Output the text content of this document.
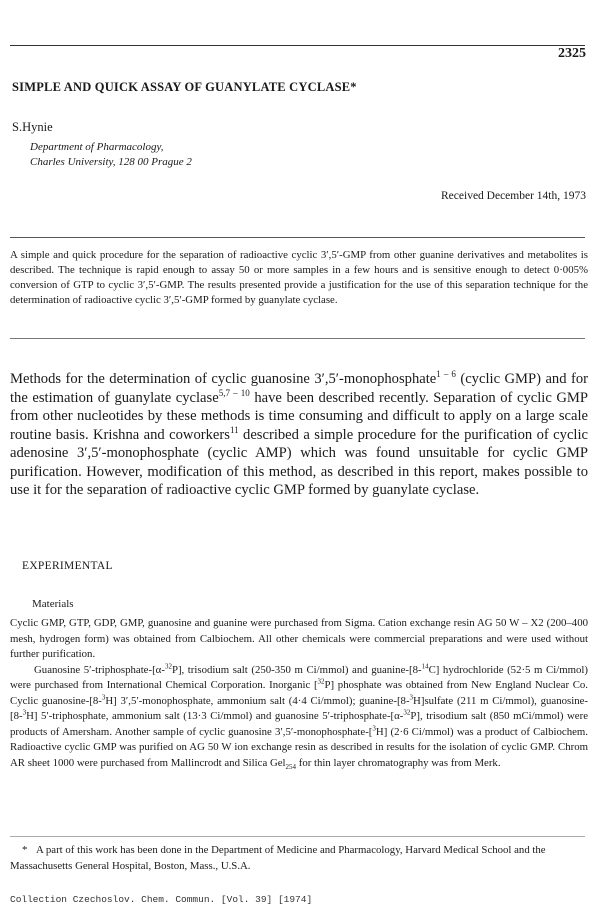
2325
SIMPLE AND QUICK ASSAY OF GUANYLATE CYCLASE*
S.Hynie
Department of Pharmacology,
Charles University, 128 00 Prague 2
Received December 14th, 1973
A simple and quick procedure for the separation of radioactive cyclic 3′,5′-GMP from other guanine derivatives and metabolites is described. The technique is rapid enough to assay 50 or more samples in a few hours and is sensitive enough to detect 0·005% conversion of GTP to cyclic 3′,5′-GMP. The results presented provide a justification for the use of this separation technique for the determination of radioactive cyclic 3′,5′-GMP formed by guanylate cyclase.
Methods for the determination of cyclic guanosine 3′,5′-monophosphate$^{1 - 6}$ (cyclic GMP) and for the estimation of guanylate cyclase$^{5,7 - 10}$ have been described recently. Separation of cyclic GMP from other nucleotides by these methods is time consuming and difficult to apply on a large scale routine basis. Krishna and coworkers$^{11}$ described a simple procedure for the purification of cyclic adenosine 3′,5′-monophosphate (cyclic AMP) which was found unsuitable for cyclic GMP purification. However, modification of this method, as described in this report, makes possible to use it for the separation of radioactive cyclic GMP formed by guanylate cyclase.
EXPERIMENTAL
Materials

Cyclic GMP, GTP, GDP, GMP, guanosine and guanine were purchased from Sigma. Cation exchange resin AG 50 W – X2 (200–400 mesh, hydrogen form) was obtained from Calbiochem. All other chemicals were commercial preparations and were used without further purification.

Guanosine 5′-triphosphate-[α-$^{32}$P], trisodium salt (250-350 m Ci/mmol) and guanine-[8-$^{14}$C] hydrochloride (52·5 m Ci/mmol) were purchased from International Chemical Corporation. Inorganic [$^{32}$P] phosphate was obtained from New England Nuclear Co. Cyclic guanosine-[8-$^3$H] 3′,5′-monophosphate, ammonium salt (4·4 Ci/mmol); guanine-[8-$^3$H]sulfate (211 m Ci/mmol), guanosine-[8-$^3$H] 5′-triphosphate, ammonium salt (13·3 Ci/mmol) and guanosine 5′-triphosphate-[α-$^{32}$P], trisodium salt (850 mCi/mmol) were products of Amersham. Another sample of cyclic guanosine 3′,5′-monophosphate-[$^3$H] (2·6 Ci/mmol) was a product of Calbiochem. Radioactive cyclic GMP was purified on AG 50 W ion exchange resin as described in results for the isolation of cyclic GMP. Chrom AR sheet 1000 were purchased from Mallincrodt and Silica Gel$_{254}$ for thin layer chromatography was from Merk.

* A part of this work has been done in the Department of Medicine and Pharmacology, Harvard Medical School and the Massachusetts General Hospital, Boston, Mass., U.S.A.
Collection Czechoslov. Chem. Commun. [Vol. 39] [1974]
